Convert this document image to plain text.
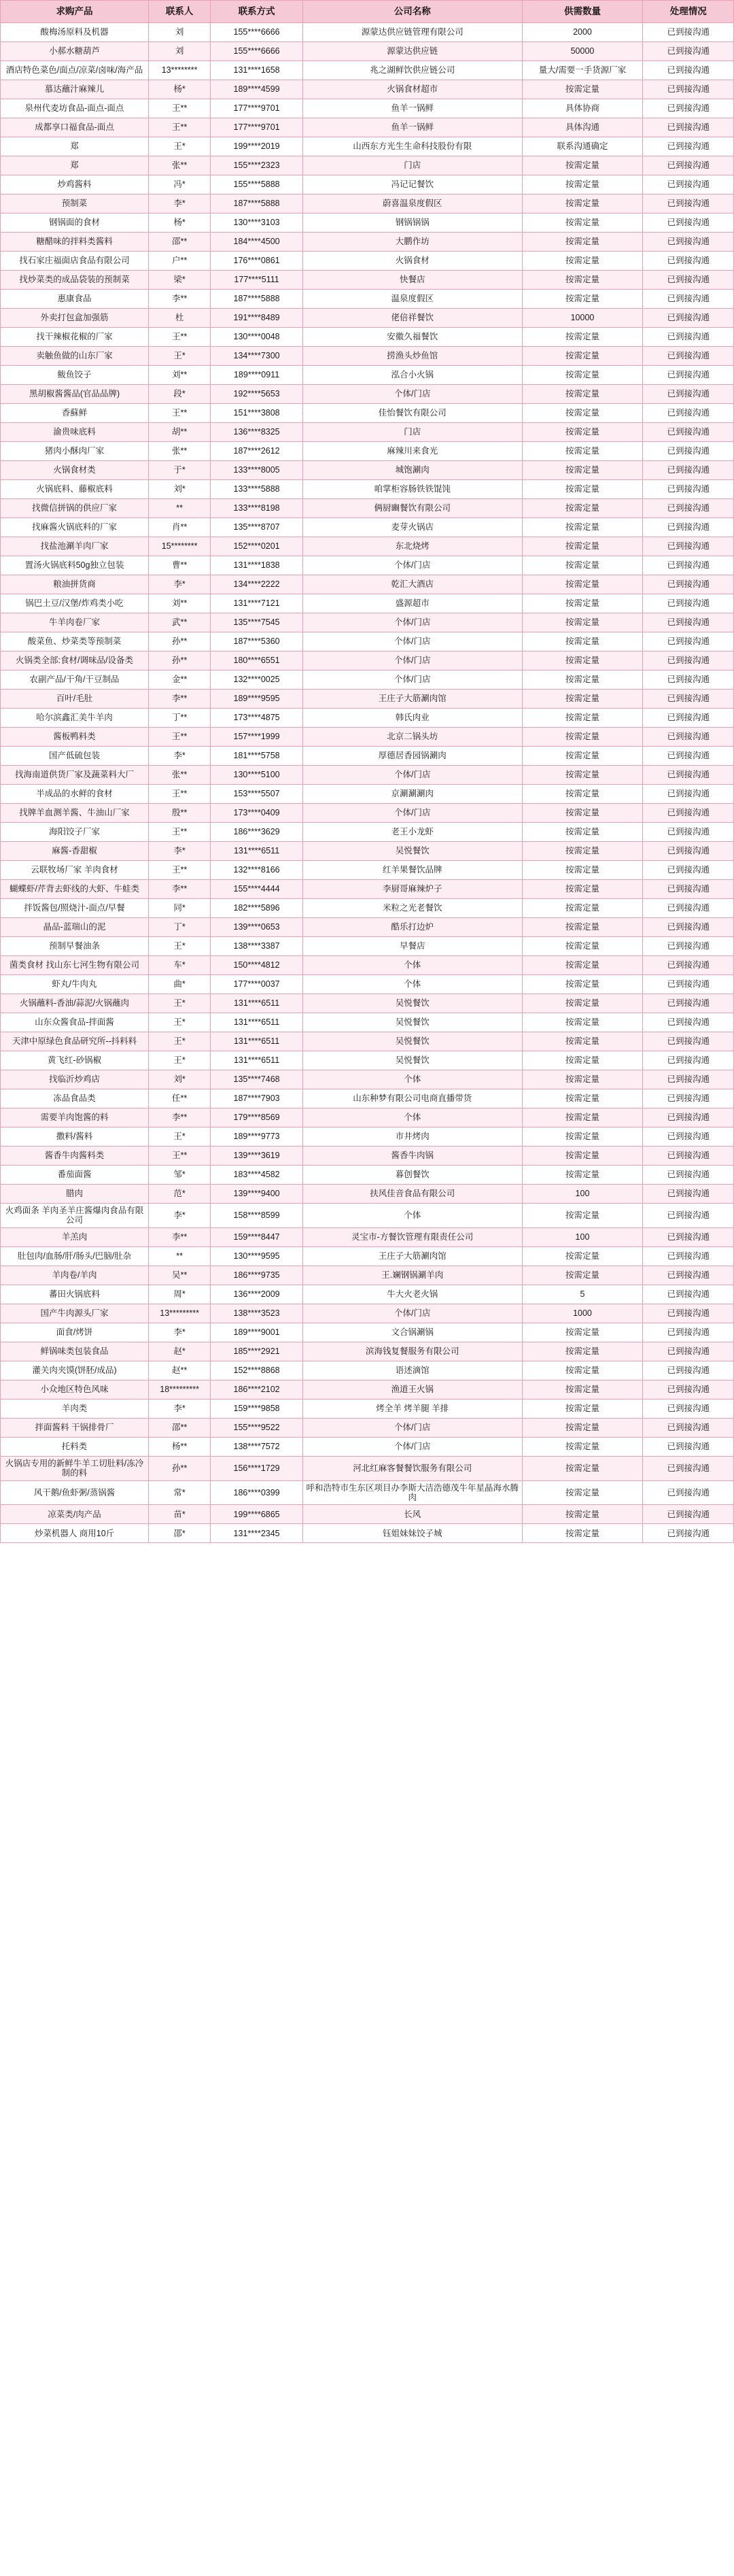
求购产品	联系人	联系方式	公司名称	供需数量	处理情况
酸梅汤原料及机器	刘	155****6666	源蒙达供应链管理有限公司	2000	已到接沟通
小郝水糖葫芦	刘	155****6666	源蒙达供应链	50000	已到接沟通
酒店特色菜色/面点/凉菜/卤味/海产品	13********	131****1658	兆之湖鲜饮供应链公司	量大/需要一手货源厂家	已到接沟通
慕达蘸汁麻辣儿	杨*	189****4599	火锅食材超市	按需定量	已到接沟通
泉州代麦坊食品-面点-面点	王**	177****9701	鱼羊一锅鲜	具体协商	已到接沟通
成都享口福食品-面点	王**	177****9701	鱼羊一锅鲜	具体沟通	已到接沟通
郑	王*	199****2019	山西东方光生生命科技股份有限	联系沟通确定	已到接沟通
郑	张**	155****2323	门店	按需定量	已到接沟通
炒鸡酱料	冯*	155****5888	冯记记餐饮	按需定量	已到接沟通
预制菜	李*	187****5888	蔚喜温泉度假区	按需定量	已到接沟通
钢锅面的食材	杨*	130****3103	钢锅锅锅	按需定量	已到接沟通
糖醋味的拌料类酱料	邵**	184****4500	大鹏作坊	按需定量	已到接沟通
找石家庄福面店食品有限公司	户**	176****0861	火锅食材	按需定量	已到接沟通
找炒菜类的成品袋装的预制菜	梁*	177****5111	快餐店	按需定量	已到接沟通
惠康食品	李**	187****5888	温泉度假区	按需定量	已到接沟通
外卖打包盒加强筋	杜	191****8489	佬倍祥餐饮	10000	已到接沟通
找干辣椒花椒的厂家	王**	130****0048	安徽久福餐饮	按需定量	已到接沟通
卖触鱼做的山东厂家	王*	134****7300	捞渔头炒鱼馆	按需定量	已到接沟通
鲅鱼饺子	刘**	189****0911	泓合小火锅	按需定量	已到接沟通
黑胡椒酱酱品(官品品牌)	段*	192****5653	个体/门店	按需定量	已到接沟通
香蘇鲜	王**	151****3808	佳怡餐饮有限公司	按需定量	已到接沟通
渝贵味底料	胡**	136****8325	门店	按需定量	已到接沟通
猪肉小酥肉厂家	张**	187****2612	麻辣川来食光	按需定量	已到接沟通
火锅食材类	于*	133****8005	城饱涮肉	按需定量	已到接沟通
火锅底料、藤椒底料	刘*	133****5888	咱掌柜容肠铁铁馄饨	按需定量	已到接沟通
找微信拼锅的供应厂家	**	133****8198	俩厨豳餐饮有限公司	按需定量	已到接沟通
找麻酱火锅底料的厂家	肖**	135****8707	麦芽火锅店	按需定量	已到接沟通
找盐池涮羊肉厂家	15********	152****0201	东北烧烤	按需定量	已到接沟通
置汤火锅底料50g独立包装	曹**	131****1838	个体/门店	按需定量	已到接沟通
粮油拼货商	李*	134****2222	乾汇大酒店	按需定量	已到接沟通
锅巴土豆/汉堡/炸鸡类小吃	刘**	131****7121	盛源超市	按需定量	已到接沟通
牛羊肉卷厂家	武**	135****7545	个体/门店	按需定量	已到接沟通
酸菜鱼、炒菜类等预制菜	孙**	187****5360	个体/门店	按需定量	已到接沟通
火锅类全部:食材/调味品/设备类	孙**	180****6551	个体/门店	按需定量	已到接沟通
农副产品/干角/干豆制品	金**	132****0025	个体/门店	按需定量	已到接沟通
百叶/毛肚	李**	189****9595	王庄子大筋涮肉馆	按需定量	已到接沟通
哈尔滨鑫汇美牛羊肉	丁**	173****4875	韩氏肉业	按需定量	已到接沟通
酱板鸭料类	王**	157****1999	北京二锅头坊	按需定量	已到接沟通
国产低硫包装	李*	181****5758	厚德居香园锅涮肉	按需定量	已到接沟通
找海南道供货厂家及蔬菜料大厂	张**	130****5100	个体/门店	按需定量	已到接沟通
半成品的水鲜的食材	王**	153****5507	京涮涮涮肉	按需定量	已到接沟通
找牌羊血测羊酱、牛油山厂家	殷**	173****0409	个体/门店	按需定量	已到接沟通
海阳饺子厂家	王**	186****3629	老王小龙虾	按需定量	已到接沟通
麻酱-香甜椒	李*	131****6511	吴悦餐饮	按需定量	已到接沟通
云联牧场厂家 羊肉食材	王**	132****8166	红羊果餐饮品牌	按需定量	已到接沟通
蝴蝶虾/芹背去虾线的大虾、牛蛙类	李**	155****4444	李厨哥麻辣炉子	按需定量	已到接沟通
拌饭酱包/照烧汁-面点/早餐	同*	182****5896	米粒之光老餐饮	按需定量	已到接沟通
晶品-蓝瑞山的泥	丁*	139****0653	酷乐打边炉	按需定量	已到接沟通
预制早餐油条	王*	138****3387	早餐店	按需定量	已到接沟通
菌类食材 找山东七河生物有限公司	车*	150****4812	个体	按需定量	已到接沟通
虾丸/牛肉丸	曲*	177****0037	个体	按需定量	已到接沟通
火锅蘸料-香油/蒜泥/火锅蘸肉	王*	131****6511	吴悦餐饮	按需定量	已到接沟通
山东众酱食品-拌面酱	王*	131****6511	吴悦餐饮	按需定量	已到接沟通
天津中原绿色食品研究所--抖料料	王*	131****6511	吴悦餐饮	按需定量	已到接沟通
黄飞红-砂锅椒	王*	131****6511	吴悦餐饮	按需定量	已到接沟通
找临沂炒鸡店	刘*	135****7468	个体	按需定量	已到接沟通
冻品食品类	任**	187****7903	山东种梦有限公司电商直播带货	按需定量	已到接沟通
需要羊肉饱酱的料	李**	179****8569	个体	按需定量	已到接沟通
撒料/酱料	王*	189****9773	市井烤肉	按需定量	已到接沟通
酱香牛肉酱料类	王**	139****3619	酱香牛肉锅	按需定量	已到接沟通
番茄面酱	邹*	183****4582	暮创餐饮	按需定量	已到接沟通
腊肉	范*	139****9400	扶风佳音食品有限公司	100	已到接沟通
火鸡面条 羊肉圣羊庄酱爆肉食品有限公司	李*	158****8599	个体	按需定量	已到接沟通
羊羔肉	李**	159****8447	灵宝市-方餐饮管理有限责任公司	100	已到接沟通
肚包肉/血肠/肝/肠头/巴脑/肚杂	**	130****9595	王庄子大筋涮肉馆	按需定量	已到接沟通
羊肉卷/羊肉	吴**	186****9735	王.斓钢锅涮羊肉	按需定量	已到接沟通
蕃田火锅底料	周*	136****2009	牛大火老火锅	5	已到接沟通
国产牛肉源头厂家	13*********	138****3523	个体/门店	1000	已到接沟通
面食/烤饼	李*	189****9001	文合锅涮锅	按需定量	已到接沟通
鲜锅味类包装食品	赵*	185****2921	滨海钱复餐服务有限公司	按需定量	已到接沟通
灌关肉夹馍(饼胚/成品)	赵**	152****8868	语述滴馆	按需定量	已到接沟通
小众地区特色风味	18*********	186****2102	渔道王火锅	按需定量	已到接沟通
羊肉类	李*	159****9858	烤全羊 烤羊腿 羊排	按需定量	已到接沟通
拌面酱料 干锅排骨厂	邵**	155****9522	个体/门店	按需定量	已到接沟通
托料类	杨**	138****7572	个体/门店	按需定量	已到接沟通
火锅店专用的新鲜牛羊工切肚料/冻冷制的料	孙**	156****1729	河北红麻客餐餐饮服务有限公司	按需定量	已到接沟通
风干鹅/鱼虾粥/蒸锅酱	常*	186****0399	呼和浩特市生东区项目办李斯大洁浩德茂牛年星晶海水腾肉	按需定量	已到接沟通
凉菜类/肉产品	苗*	199****6865	长风	按需定量	已到接沟通
炒菜机器人 商用10斤	邵*	131****2345	钰姐妹妹饺子城	按需定量	已到接沟通
